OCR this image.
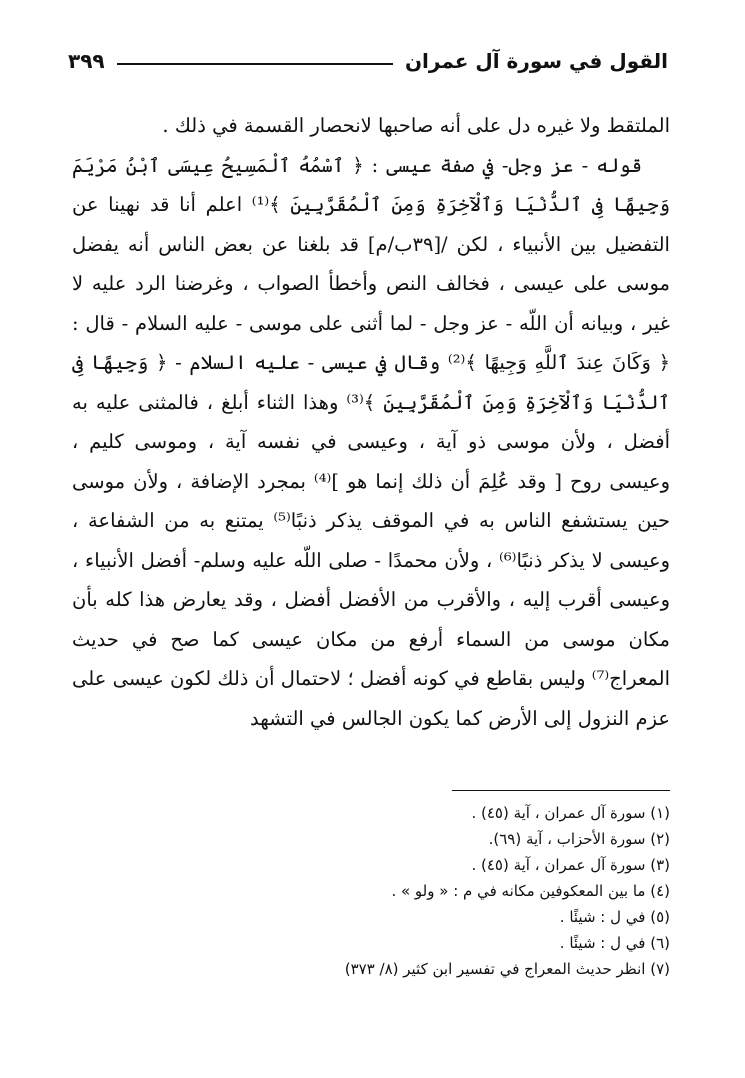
القول في سورة آل عمران
٣٩٩

الملتقط ولا غيره دل على أنه صاحبها لانحصار القسمة في ذلك .

قوله - عز وجل- في صفة عيسى : ﴿ ٱسْمُهُ ٱلْمَسِيحُ عِيسَى ٱبْنُ مَرْيَمَ وَجِيهًا فِى ٱلدُّنْيَا وَٱلْآخِرَةِ وَمِنَ ٱلْمُقَرَّبِينَ ﴾⁽¹⁾ اعلم أنا قد نهينا عن التفضيل بين الأنبياء ، لكن /[٣٩ب/م] قد بلغنا عن بعض الناس أنه يفضل موسى على عيسى ، فخالف النص وأخطأ الصواب ، وغرضنا الرد عليه لا غير ، وبيانه أن اللّه - عز وجل - لما أثنى على موسى - عليه السلام - قال : ﴿ وَكَانَ عِندَ ٱللَّهِ وَجِيهًا ﴾⁽²⁾ وقال في عيسى - عليه السلام - ﴿ وَجِيهًا فِى ٱلدُّنْيَا وَٱلْآخِرَةِ وَمِنَ ٱلْمُقَرَّبِينَ ﴾⁽³⁾ وهذا الثناء أبلغ ، فالمثنى عليه به أفضل ، ولأن موسى ذو آية ، وعيسى في نفسه آية ، وموسى كليم ، وعيسى روح [ وقد عُلِمَ أن ذلك إنما هو ]⁽⁴⁾ بمجرد الإضافة ، ولأن موسى حين يستشفع الناس به في الموقف يذكر ذنبًا⁽⁵⁾ يمتنع به من الشفاعة ، وعيسى لا يذكر ذنبًا⁽⁶⁾ ، ولأن محمدًا - صلى اللّه عليه وسلم- أفضل الأنبياء ، وعيسى أقرب إليه ، والأقرب من الأفضل أفضل ، وقد يعارض هذا كله بأن مكان موسى من السماء أرفع من مكان عيسى كما صح في حديث المعراج⁽⁷⁾ وليس بقاطع في كونه أفضل ؛ لاحتمال أن ذلك لكون عيسى على عزم النزول إلى الأرض كما يكون الجالس في التشهد

(١) سورة آل عمران ، آية (٤٥) .
(٢) سورة الأحزاب ، آية (٦٩).
(٣) سورة آل عمران ، آية (٤٥) .
(٤) ما بين المعكوفين مكانه في م : « ولو » .
(٥) في ل : شيئًا .
(٦) في ل : شيئًا .
(٧) انظر حديث المعراج في تفسير ابن كثير (٨/ ٣٧٣)
